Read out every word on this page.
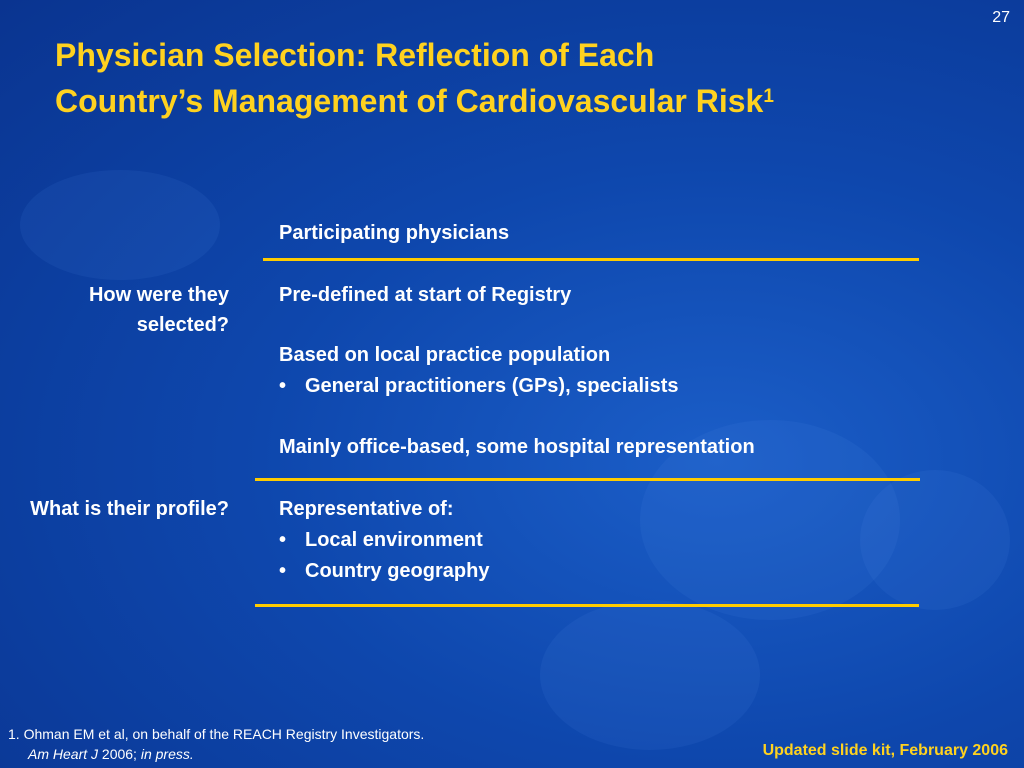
27
Physician Selection: Reflection of Each
Country’s Management of Cardiovascular Risk$^1$
Participating physicians
How were they selected?
Pre-defined at start of Registry
Based on local practice population
• General practitioners (GPs), specialists
Mainly office-based, some hospital representation
What is their profile?	Representative of:
• Local environment
• Country geography
1. Ohman EM et al, on behalf of the REACH Registry Investigators.
Am Heart J 2006; in press.	Updated slide kit, February 2006
